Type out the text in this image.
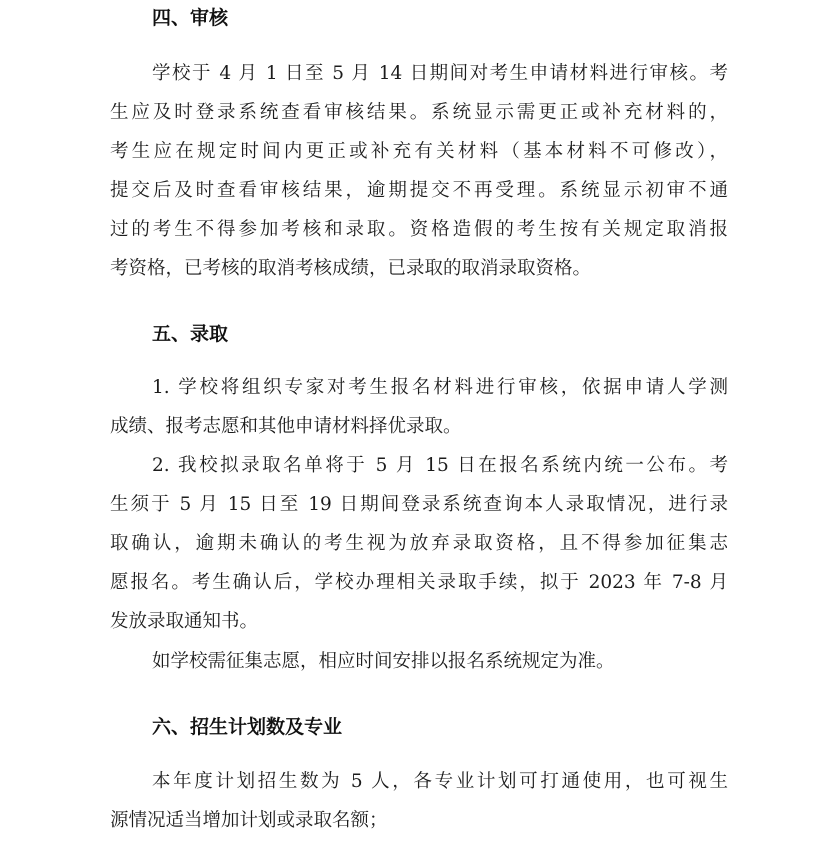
四、审核
学校于 4 月 1 日至 5 月 14 日期间对考生申请材料进行审核。考
生应及时登录系统查看审核结果。系统显示需更正或补充材料的，
考生应在规定时间内更正或补充有关材料（基本材料不可修改），
提交后及时查看审核结果，逾期提交不再受理。系统显示初审不通
过的考生不得参加考核和录取。资格造假的考生按有关规定取消报
考资格，已考核的取消考核成绩，已录取的取消录取资格。
五、录取
1. 学校将组织专家对考生报名材料进行审核，依据申请人学测
成绩、报考志愿和其他申请材料择优录取。
2. 我校拟录取名单将于 5 月 15 日在报名系统内统一公布。考
生须于 5 月 15 日至 19 日期间登录系统查询本人录取情况，进行录
取确认，逾期未确认的考生视为放弃录取资格，且不得参加征集志
愿报名。考生确认后，学校办理相关录取手续，拟于 2023 年 7-8 月
发放录取通知书。
如学校需征集志愿，相应时间安排以报名系统规定为准。
六、招生计划数及专业
本年度计划招生数为 5 人，各专业计划可打通使用，也可视生
源情况适当增加计划或录取名额；
